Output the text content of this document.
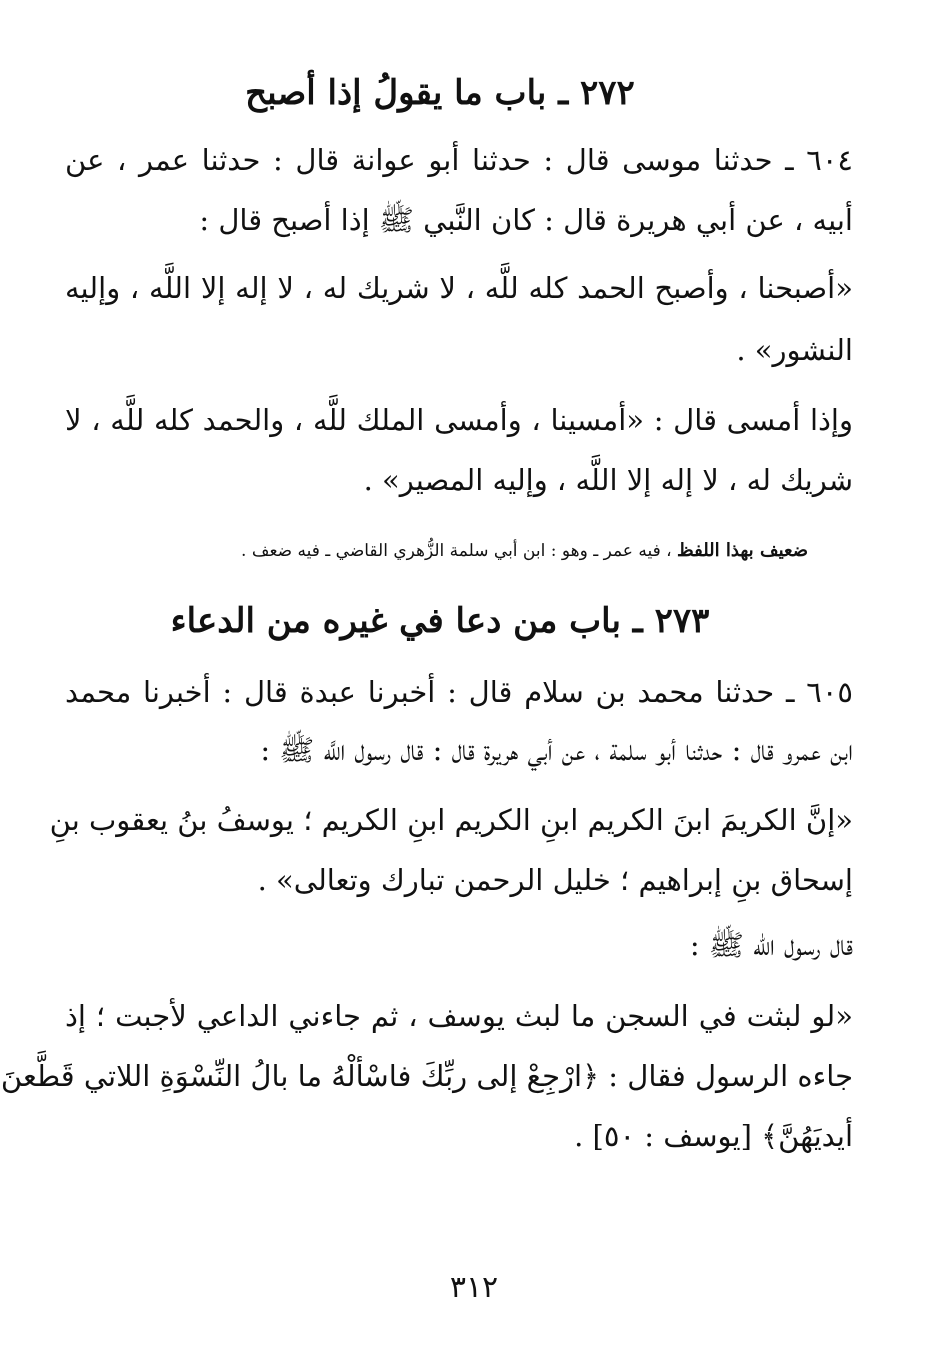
٢٧٢ ـ باب ما يقولُ إذا أصبح
٦٠٤ ـ حدثنا موسى قال : حدثنا أبو عوانة قال : حدثنا عمر ، عن
أبيه ، عن أبي هريرة قال : كان النَّبي ﷺ إذا أصبح قال :
«أصبحنا ، وأصبح الحمد كله للَّه ، لا شريك له ، لا إله إلا اللَّه ، وإليه
النشور» .
وإذا أمسى قال : «أمسينا ، وأمسى الملك للَّه ، والحمد كله للَّه ، لا
شريك له ، لا إله إلا اللَّه ، وإليه المصير» .
ضعيف بهذا اللفظ ، فيه عمر ـ وهو : ابن أبي سلمة الزُّهري القاضي ـ فيه ضعف .
٢٧٣ ـ باب من دعا في غيره من الدعاء
٦٠٥ ـ حدثنا محمد بن سلام قال : أخبرنا عبدة قال : أخبرنا محمد
ابن عمرو قال : حدثنا أبو سلمة ، عن أبي هريرة قال : قال رسول اللَّه ﷺ :
«إنَّ الكريمَ ابنَ الكريم ابنِ الكريم ابنِ الكريم ؛ يوسفُ بنُ يعقوب بنِ
إسحاق بنِ إبراهيم ؛ خليل الرحمن تبارك وتعالى» .
قال رسول الله ﷺ :
«لو لبثت في السجن ما لبث يوسف ، ثم جاءني الداعي لأجبت ؛ إذ
جاءه الرسول فقال : ﴿ارْجِعْ إلى ربِّكَ فاسْألْهُ ما بالُ النِّسْوَةِ اللاتي قَطَّعنَ
أيديَهُنَّ﴾ [يوسف : ٥٠] .
٣١٢
